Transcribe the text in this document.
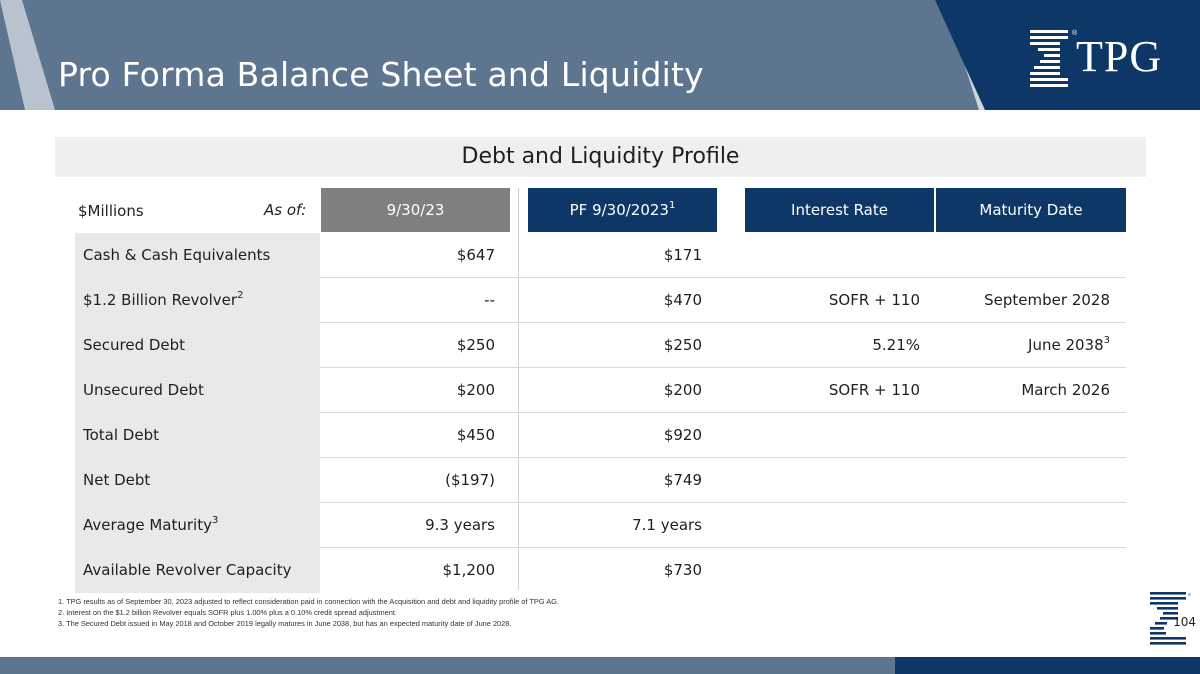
Pro Forma Balance Sheet and Liquidity
®
TPG
Debt and Liquidity Profile
$Millions	As of:	9/30/23	PF 9/30/2023$^1$	Interest Rate	Maturity Date
Cash & Cash Equivalents	$647	$171
$1.2 Billion Revolver$^2$	--	$470	SOFR + 110	September 2028
Secured Debt	$250	$250	5.21%	June 2038$^3$
Unsecured Debt	$200	$200	SOFR + 110	March 2026
Total Debt	$450	$920
Net Debt	($197)	$749
Average Maturity$^3$	9.3 years	7.1 years
Available Revolver Capacity	$1,200	$730
1. TPG results as of September 30, 2023 adjusted to reflect consideration paid in connection with the Acquisition and debt and liquidity profile of TPG AG.
2. Interest on the $1.2 billion Revolver equals SOFR plus 1.00% plus a 0.10% credit spread adjustment.
3. The Secured Debt issued in May 2018 and October 2019 legally matures in June 2038, but has an expected maturity date of June 2028.
®
104
